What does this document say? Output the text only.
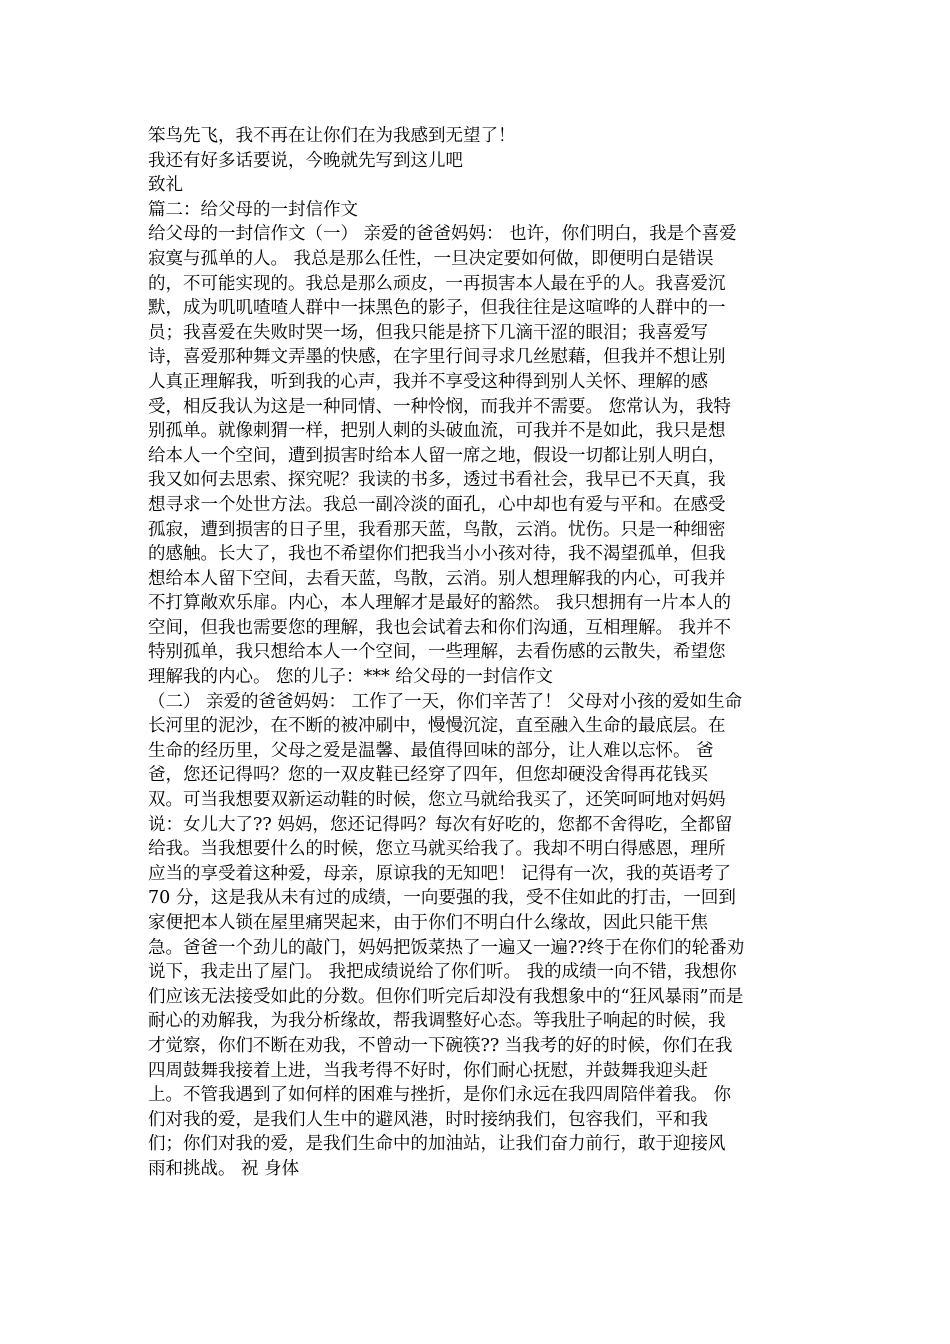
笨鸟先飞，我不再在让你们在为我感到无望了！
我还有好多话要说，今晚就先写到这儿吧
致礼
篇二：给父母的一封信作文
给父母的一封信作文（一） 亲爱的爸爸妈妈： 也许，你们明白，我是个喜爱
寂寞与孤单的人。 我总是那么任性，一旦决定要如何做，即便明白是错误
的，不可能实现的。我总是那么顽皮，一再损害本人最在乎的人。我喜爱沉
默，成为叽叽喳喳人群中一抹黑色的影子，但我往往是这喧哗的人群中的一
员；我喜爱在失败时哭一场，但我只能是挤下几滴干涩的眼泪；我喜爱写
诗，喜爱那种舞文弄墨的快感，在字里行间寻求几丝慰藉，但我并不想让别
人真正理解我，听到我的心声，我并不享受这种得到别人关怀、理解的感
受，相反我认为这是一种同情、一种怜悯，而我并不需要。 您常认为，我特
别孤单。就像刺猬一样，把别人刺的头破血流，可我并不是如此，我只是想
给本人一个空间，遭到损害时给本人留一席之地，假设一切都让别人明白，
我又如何去思索、探究呢？我读的书多，透过书看社会，我早已不天真，我
想寻求一个处世方法。我总一副冷淡的面孔，心中却也有爱与平和。在感受
孤寂，遭到损害的日子里，我看那天蓝，鸟散，云消。忧伤。只是一种细密
的感触。长大了，我也不希望你们把我当小小孩对待，我不渴望孤单，但我
想给本人留下空间，去看天蓝，鸟散，云消。别人想理解我的内心，可我并
不打算敞欢乐扉。内心，本人理解才是最好的豁然。 我只想拥有一片本人的
空间，但我也需要您的理解，我也会试着去和你们沟通，互相理解。 我并不
特别孤单，我只想给本人一个空间，一些理解，去看伤感的云散失，希望您
理解我的内心。 您的儿子：*** 给父母的一封信作文
（二） 亲爱的爸爸妈妈： 工作了一天，你们辛苦了！ 父母对小孩的爱如生命
长河里的泥沙，在不断的被冲刷中，慢慢沉淀，直至融入生命的最底层。在
生命的经历里，父母之爱是温馨、最值得回味的部分，让人难以忘怀。 爸
爸，您还记得吗？您的一双皮鞋已经穿了四年，但您却硬没舍得再花钱买
双。可当我想要双新运动鞋的时候，您立马就给我买了，还笑呵呵地对妈妈
说：女儿大了?? 妈妈，您还记得吗？每次有好吃的，您都不舍得吃，全都留
给我。当我想要什么的时候，您立马就买给我了。我却不明白得感恩，理所
应当的享受着这种爱，母亲，原谅我的无知吧！ 记得有一次，我的英语考了
70 分，这是我从未有过的成绩，一向要强的我，受不住如此的打击，一回到
家便把本人锁在屋里痛哭起来，由于你们不明白什么缘故，因此只能干焦
急。爸爸一个劲儿的敲门，妈妈把饭菜热了一遍又一遍??终于在你们的轮番劝
说下，我走出了屋门。 我把成绩说给了你们听。 我的成绩一向不错，我想你
们应该无法接受如此的分数。但你们听完后却没有我想象中的“狂风暴雨”而是
耐心的劝解我，为我分析缘故，帮我调整好心态。等我肚子响起的时候，我
才觉察，你们不断在劝我，不曾动一下碗筷?? 当我考的好的时候，你们在我
四周鼓舞我接着上进，当我考得不好时，你们耐心抚慰，并鼓舞我迎头赶
上。不管我遇到了如何样的困难与挫折，是你们永远在我四周陪伴着我。 你
们对我的爱，是我们人生中的避风港，时时接纳我们，包容我们，平和我
们；你们对我的爱，是我们生命中的加油站，让我们奋力前行，敢于迎接风
雨和挑战。 祝 身体
